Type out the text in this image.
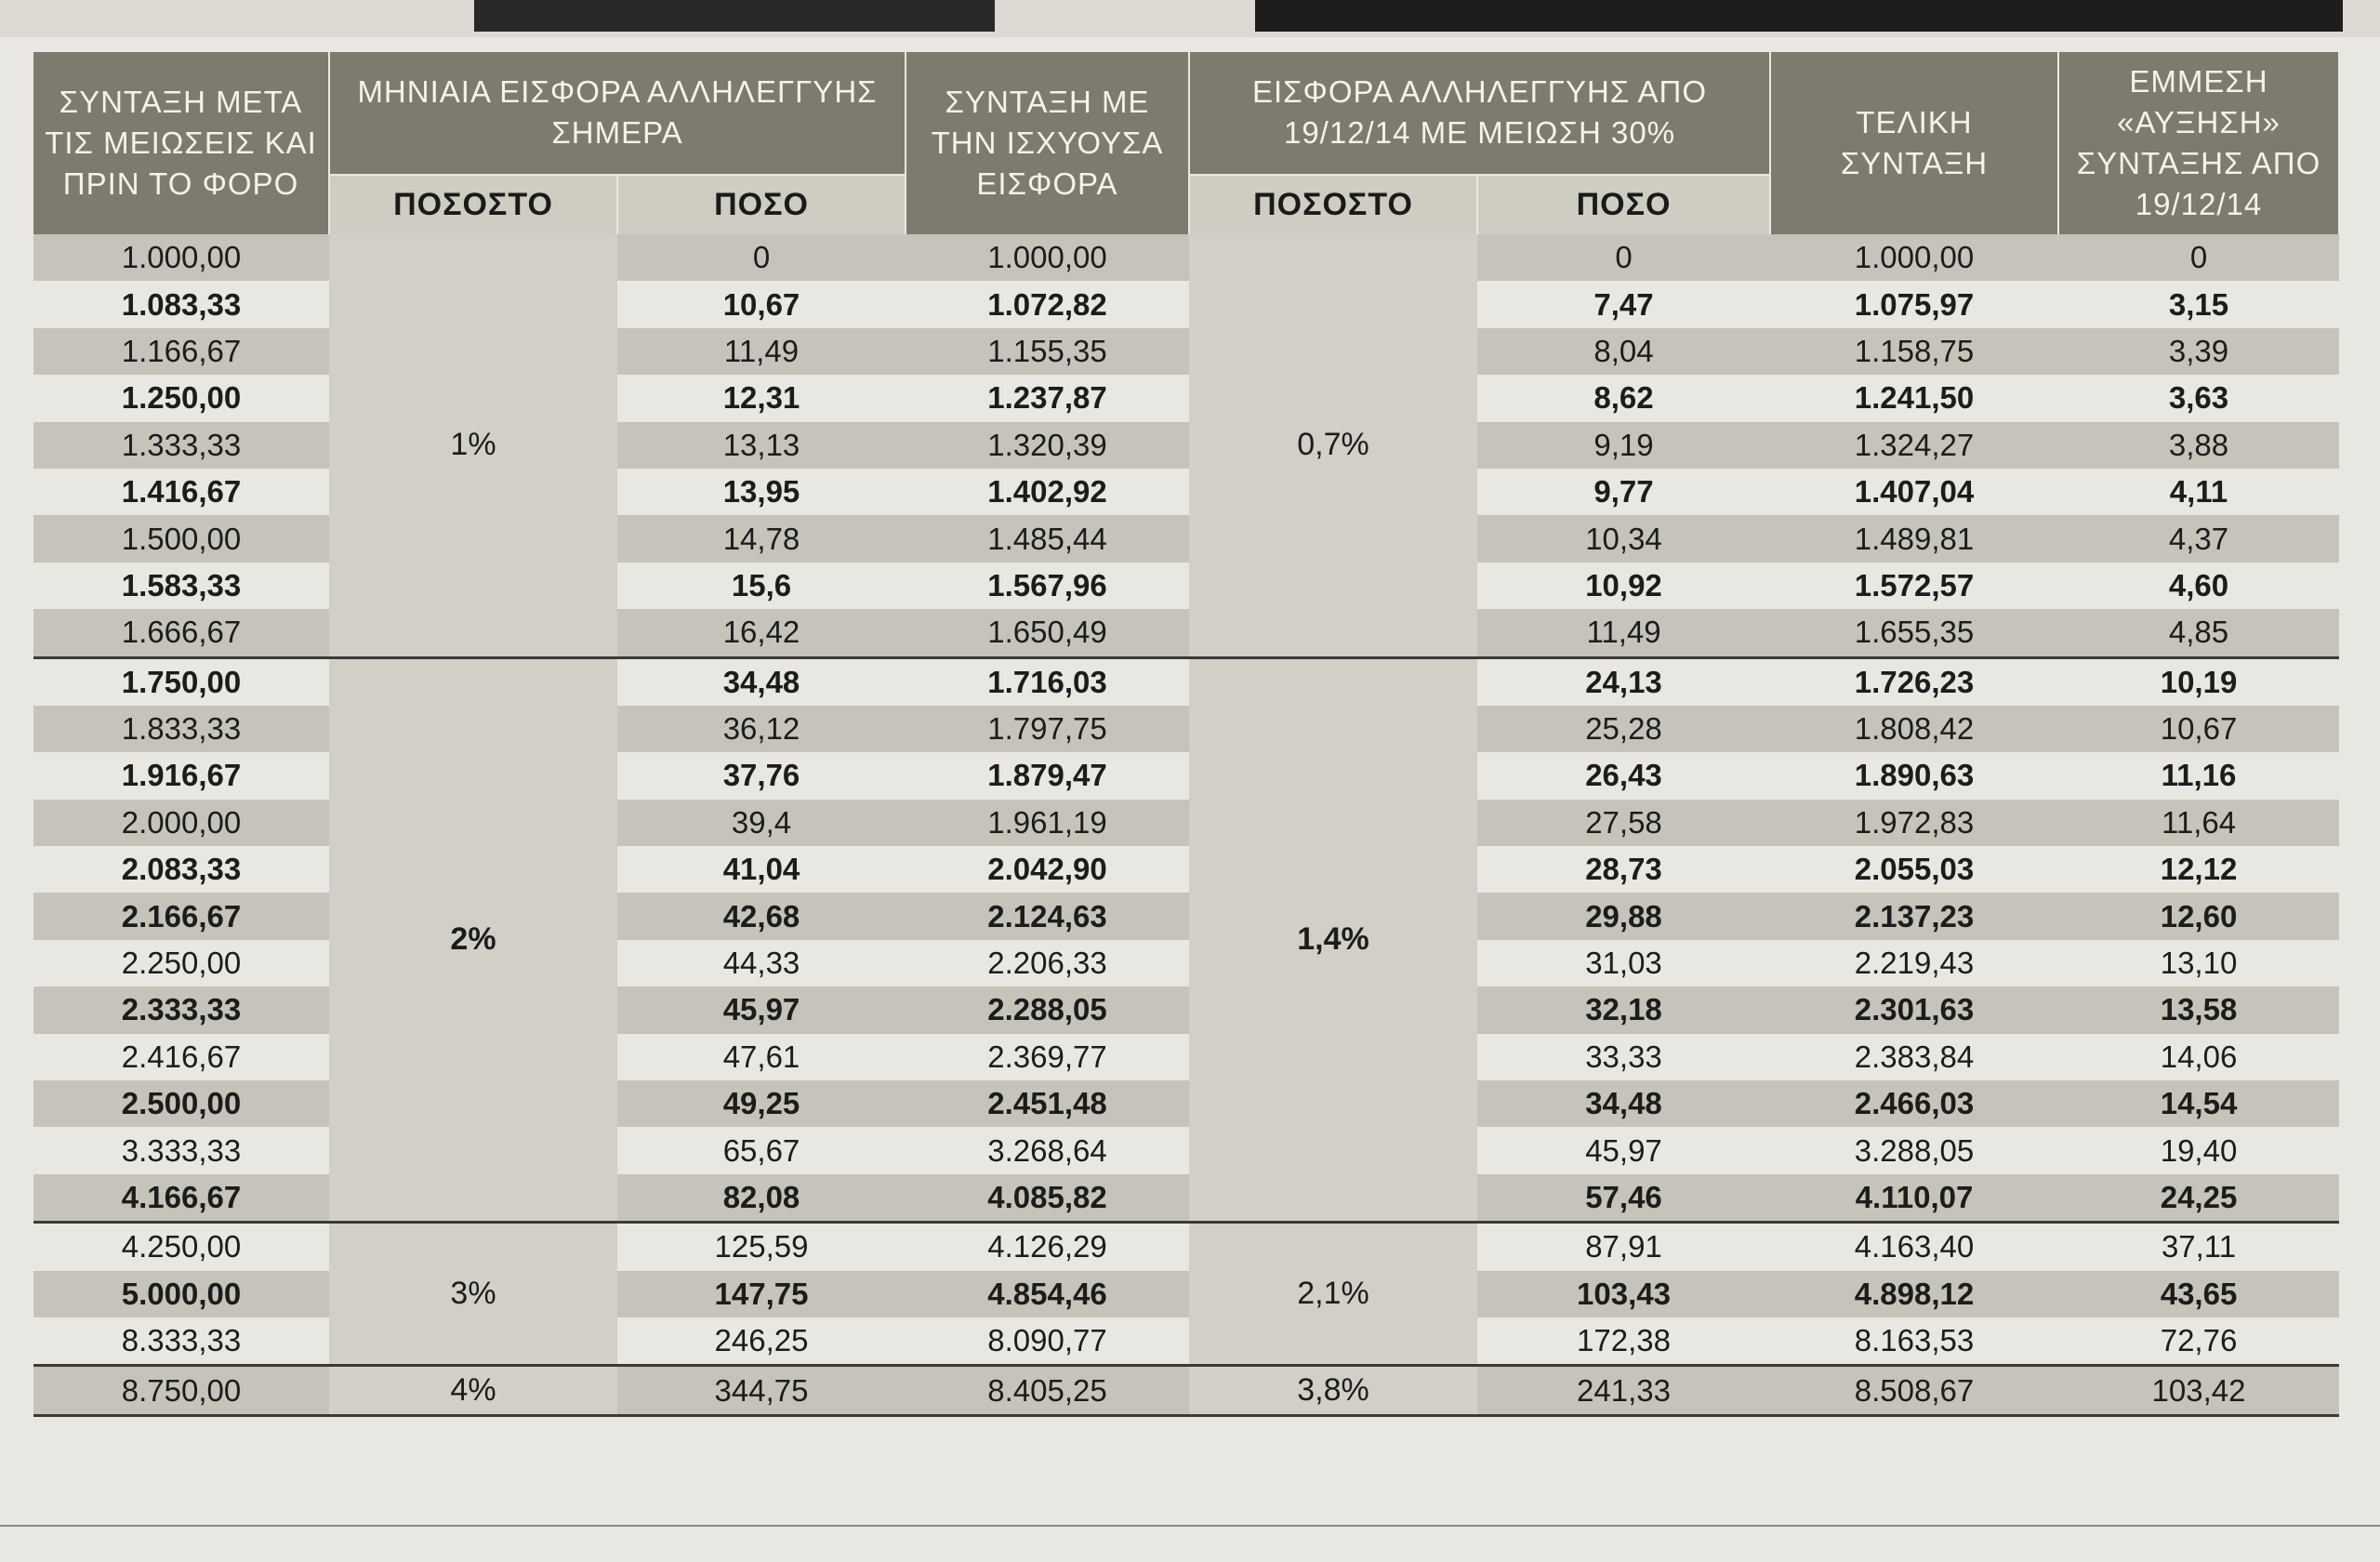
ΣΥΝΤΑΞΗ ΜΕΤΑ ΤΙΣ ΜΕΙΩΣΕΙΣ ΚΑΙ ΠΡΙΝ ΤΟ ΦΟΡΟ	ΜΗΝΙΑΙΑ ΕΙΣΦΟΡΑ ΑΛΛΗΛΕΓΓΥΗΣ ΣΗΜΕΡΑ		ΣΥΝΤΑΞΗ ΜΕ ΤΗΝ ΙΣΧΥΟΥΣΑ ΕΙΣΦΟΡΑ	ΕΙΣΦΟΡΑ ΑΛΛΗΛΕΓΓΥΗΣ ΑΠΟ 19/12/14 ΜΕ ΜΕΙΩΣΗ 30%		ΤΕΛΙΚΗ ΣΥΝΤΑΞΗ	ΕΜΜΕΣΗ «ΑΥΞΗΣΗ» ΣΥΝΤΑΞΗΣ ΑΠΟ 19/12/14
	ΠΟΣΟΣΤΟ	ΠΟΣΟ		ΠΟΣΟΣΤΟ	ΠΟΣΟ		
1.000,00	1%	0	1.000,00	0,7%	0	1.000,00	0
1.083,33		10,67	1.072,82		7,47	1.075,97	3,15
1.166,67		11,49	1.155,35		8,04	1.158,75	3,39
1.250,00		12,31	1.237,87		8,62	1.241,50	3,63
1.333,33		13,13	1.320,39		9,19	1.324,27	3,88
1.416,67		13,95	1.402,92		9,77	1.407,04	4,11
1.500,00		14,78	1.485,44		10,34	1.489,81	4,37
1.583,33		15,6	1.567,96		10,92	1.572,57	4,60
1.666,67		16,42	1.650,49		11,49	1.655,35	4,85
1.750,00	2%	34,48	1.716,03	1,4%	24,13	1.726,23	10,19
1.833,33		36,12	1.797,75		25,28	1.808,42	10,67
1.916,67		37,76	1.879,47		26,43	1.890,63	11,16
2.000,00		39,4	1.961,19		27,58	1.972,83	11,64
2.083,33		41,04	2.042,90		28,73	2.055,03	12,12
2.166,67		42,68	2.124,63		29,88	2.137,23	12,60
2.250,00		44,33	2.206,33		31,03	2.219,43	13,10
2.333,33		45,97	2.288,05		32,18	2.301,63	13,58
2.416,67		47,61	2.369,77		33,33	2.383,84	14,06
2.500,00		49,25	2.451,48		34,48	2.466,03	14,54
3.333,33		65,67	3.268,64		45,97	3.288,05	19,40
4.166,67		82,08	4.085,82		57,46	4.110,07	24,25
4.250,00	3%	125,59	4.126,29	2,1%	87,91	4.163,40	37,11
5.000,00		147,75	4.854,46		103,43	4.898,12	43,65
8.333,33		246,25	8.090,77		172,38	8.163,53	72,76
8.750,00	4%	344,75	8.405,25	3,8%	241,33	8.508,67	103,42
